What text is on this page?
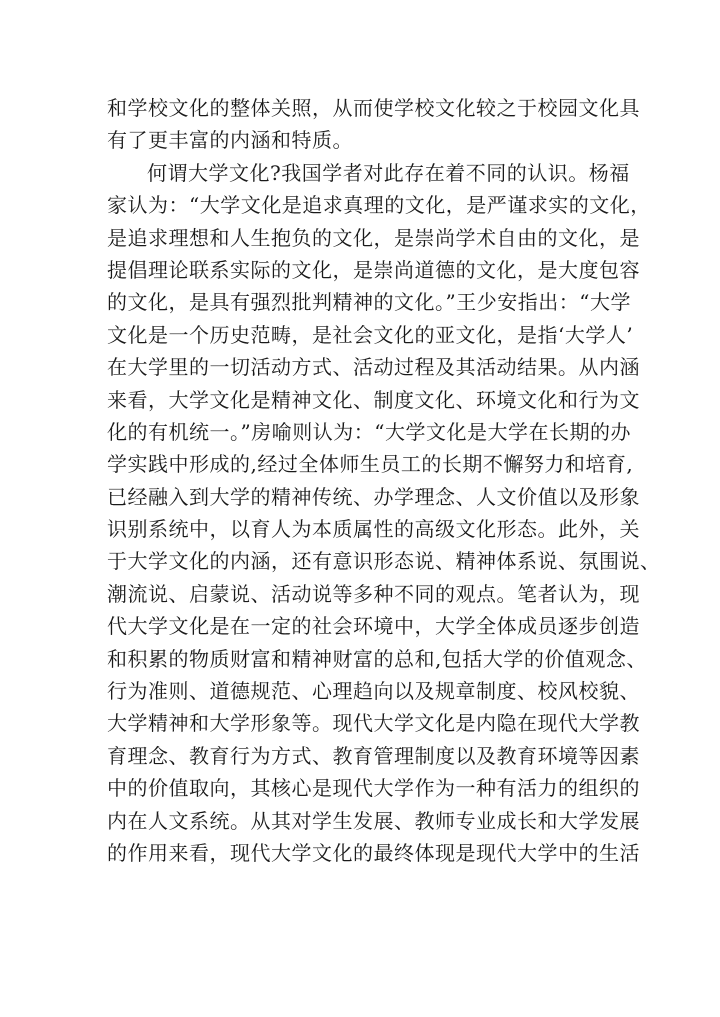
和学校文化的整体关照，从而使学校文化较之于校园文化具
有了更丰富的内涵和特质。
何谓大学文化?我国学者对此存在着不同的认识。杨福
家认为：“大学文化是追求真理的文化，是严谨求实的文化，
是追求理想和人生抱负的文化，是崇尚学术自由的文化，是
提倡理论联系实际的文化，是崇尚道德的文化，是大度包容
的文化，是具有强烈批判精神的文化。”王少安指出：“大学
文化是一个历史范畴，是社会文化的亚文化，是指‘大学人’
在大学里的一切活动方式、活动过程及其活动结果。从内涵
来看，大学文化是精神文化、制度文化、环境文化和行为文
化的有机统一。”房喻则认为：“大学文化是大学在长期的办
学实践中形成的,经过全体师生员工的长期不懈努力和培育,
已经融入到大学的精神传统、办学理念、人文价值以及形象
识别系统中，以育人为本质属性的高级文化形态。此外，关
于大学文化的内涵，还有意识形态说、精神体系说、氛围说、
潮流说、启蒙说、活动说等多种不同的观点。笔者认为，现
代大学文化是在一定的社会环境中，大学全体成员逐步创造
和积累的物质财富和精神财富的总和,包括大学的价值观念、
行为准则、道德规范、心理趋向以及规章制度、校风校貌、
大学精神和大学形象等。现代大学文化是内隐在现代大学教
育理念、教育行为方式、教育管理制度以及教育环境等因素
中的价值取向，其核心是现代大学作为一种有活力的组织的
内在人文系统。从其对学生发展、教师专业成长和大学发展
的作用来看，现代大学文化的最终体现是现代大学中的生活
